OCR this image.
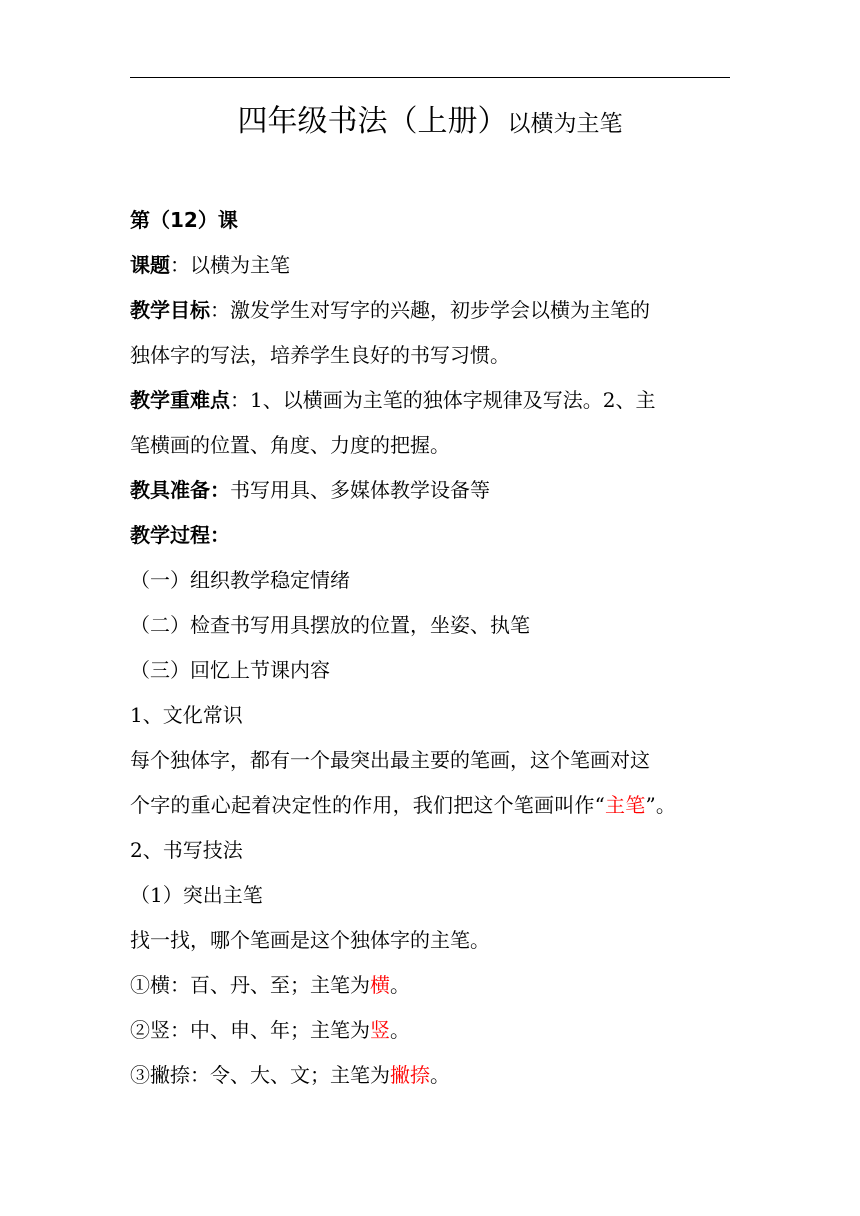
四年级书法（上册）以横为主笔
第（12）课
课题：以横为主笔
教学目标：激发学生对写字的兴趣，初步学会以横为主笔的
独体字的写法，培养学生良好的书写习惯。
教学重难点：1、以横画为主笔的独体字规律及写法。2、主
笔横画的位置、角度、力度的把握。
教具准备：书写用具、多媒体教学设备等
教学过程：
（一）组织教学稳定情绪
（二）检查书写用具摆放的位置，坐姿、执笔
（三）回忆上节课内容
1、文化常识
每个独体字，都有一个最突出最主要的笔画，这个笔画对这
个字的重心起着决定性的作用，我们把这个笔画叫作“主笔”。
2、书写技法
（1）突出主笔
找一找，哪个笔画是这个独体字的主笔。
①横：百、丹、至；主笔为横。
②竖：中、申、年；主笔为竖。
③撇捺：令、大、文；主笔为撇捺。
